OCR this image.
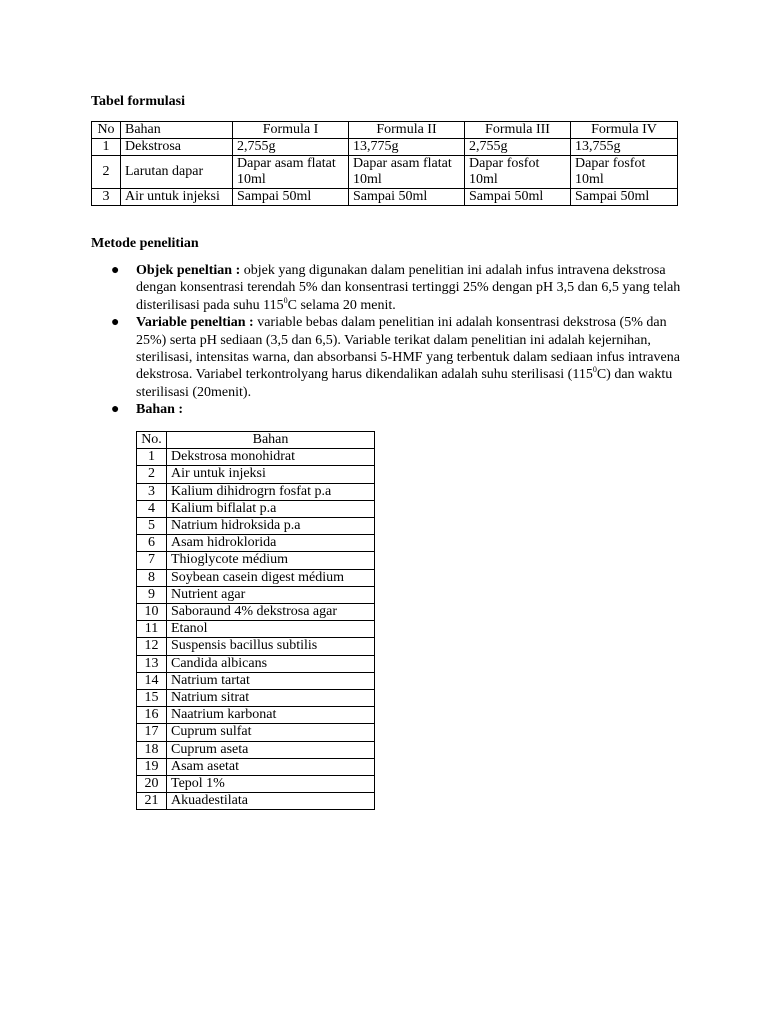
Tabel formulasi
No	Bahan	Formula I	Formula II	Formula III	Formula IV
1	Dekstrosa	2,755g	13,775g	2,755g	13,755g
2	Larutan dapar	Dapar asam flatat 10ml	Dapar asam flatat 10ml	Dapar fosfot 10ml	Dapar fosfot 10ml
3	Air untuk injeksi	Sampai 50ml	Sampai 50ml	Sampai 50ml	Sampai 50ml
Metode penelitian
● Objek peneltian : objek yang digunakan dalam penelitian ini adalah infus intravena dekstrosa dengan konsentrasi terendah 5% dan konsentrasi tertinggi 25% dengan pH 3,5 dan 6,5 yang telah disterilisasi pada suhu $115^0C$ selama 20 menit.
● Variable peneltian : variable bebas dalam penelitian ini adalah konsentrasi dekstrosa (5% dan 25%) serta pH sediaan (3,5 dan 6,5). Variable terikat dalam penelitian ini adalah kejernihan, sterilisasi, intensitas warna, dan absorbansi 5-HMF yang terbentuk dalam sediaan infus intravena dekstrosa. Variabel terkontrolyang harus dikendalikan adalah suhu sterilisasi $(115^0C)$ dan waktu sterilisasi (20menit).
● Bahan :
No.	Bahan
1	Dekstrosa monohidrat
2	Air untuk injeksi
3	Kalium dihidrogrn fosfat p.a
4	Kalium biflalat p.a
5	Natrium hidroksida p.a
6	Asam hidroklorida
7	Thioglycote médium
8	Soybean casein digest médium
9	Nutrient agar
10	Saboraund 4% dekstrosa agar
11	Etanol
12	Suspensis bacillus subtilis
13	Candida albicans
14	Natrium tartat
15	Natrium sitrat
16	Naatrium karbonat
17	Cuprum sulfat
18	Cuprum aseta
19	Asam asetat
20	Tepol 1%
21	Akuadestilata
